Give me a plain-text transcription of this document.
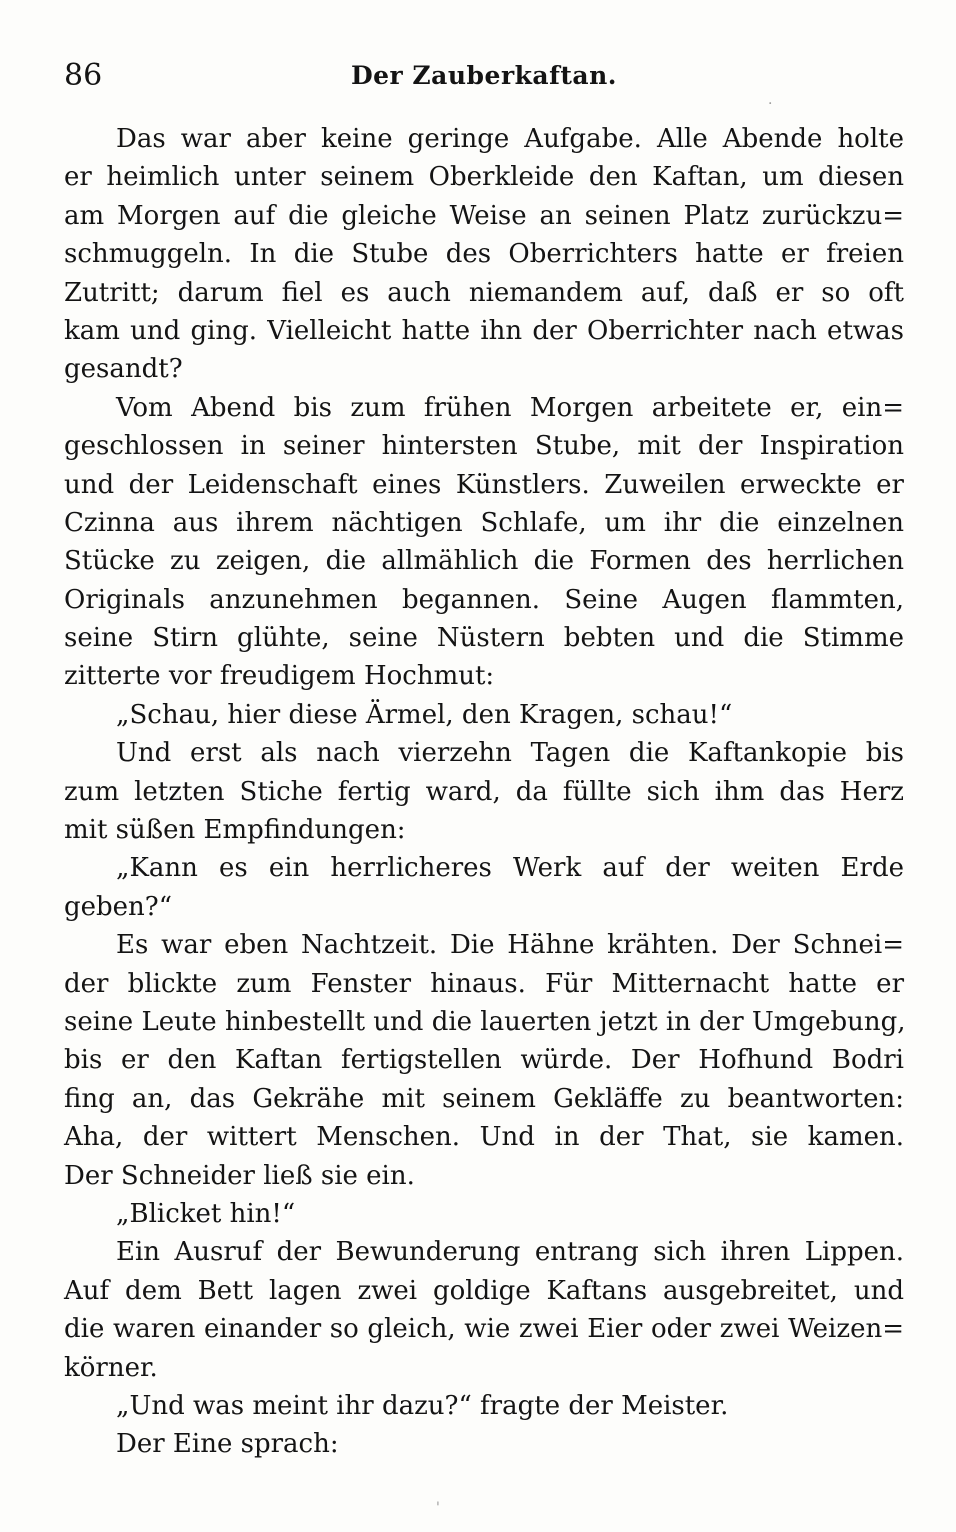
86	Der Zauberkaftan.
·
Das war aber keine geringe Aufgabe. Alle Abende holte
er heimlich unter seinem Oberkleide den Kaftan, um diesen
am Morgen auf die gleiche Weise an seinen Platz zurückzu=
schmuggeln. In die Stube des Oberrichters hatte er freien
Zutritt; darum fiel es auch niemandem auf, daß er so oft
kam und ging. Vielleicht hatte ihn der Oberrichter nach etwas
gesandt?
Vom Abend bis zum frühen Morgen arbeitete er, ein=
geschlossen in seiner hintersten Stube, mit der Inspiration
und der Leidenschaft eines Künstlers. Zuweilen erweckte er
Czinna aus ihrem nächtigen Schlafe, um ihr die einzelnen
Stücke zu zeigen, die allmählich die Formen des herrlichen
Originals anzunehmen begannen. Seine Augen flammten,
seine Stirn glühte, seine Nüstern bebten und die Stimme
zitterte vor freudigem Hochmut:
„Schau, hier diese Ärmel, den Kragen, schau!“
Und erst als nach vierzehn Tagen die Kaftankopie bis
zum letzten Stiche fertig ward, da füllte sich ihm das Herz
mit süßen Empfindungen:
„Kann es ein herrlicheres Werk auf der weiten Erde
geben?“
Es war eben Nachtzeit. Die Hähne krähten. Der Schnei=
der blickte zum Fenster hinaus. Für Mitternacht hatte er
seine Leute hinbestellt und die lauerten jetzt in der Umgebung,
bis er den Kaftan fertigstellen würde. Der Hofhund Bodri
fing an, das Gekrähe mit seinem Gekläffe zu beantworten:
Aha, der wittert Menschen. Und in der That, sie kamen.
Der Schneider ließ sie ein.
„Blicket hin!“
Ein Ausruf der Bewunderung entrang sich ihren Lippen.
Auf dem Bett lagen zwei goldige Kaftans ausgebreitet, und
die waren einander so gleich, wie zwei Eier oder zwei Weizen=
körner.
„Und was meint ihr dazu?“ fragte der Meister.
Der Eine sprach:
'
